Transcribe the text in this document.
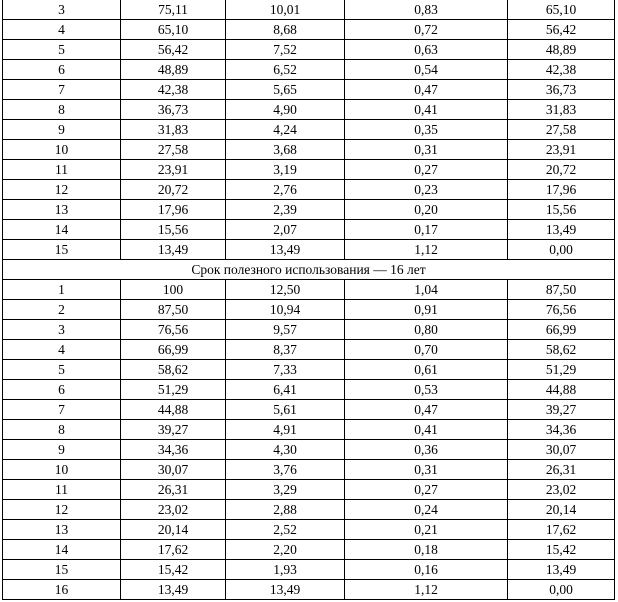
3	75,11	10,01	0,83	65,10
4	65,10	8,68	0,72	56,42
5	56,42	7,52	0,63	48,89
6	48,89	6,52	0,54	42,38
7	42,38	5,65	0,47	36,73
8	36,73	4,90	0,41	31,83
9	31,83	4,24	0,35	27,58
10	27,58	3,68	0,31	23,91
11	23,91	3,19	0,27	20,72
12	20,72	2,76	0,23	17,96
13	17,96	2,39	0,20	15,56
14	15,56	2,07	0,17	13,49
15	13,49	13,49	1,12	0,00
Срок полезного использования — 16 лет				
1	100	12,50	1,04	87,50
2	87,50	10,94	0,91	76,56
3	76,56	9,57	0,80	66,99
4	66,99	8,37	0,70	58,62
5	58,62	7,33	0,61	51,29
6	51,29	6,41	0,53	44,88
7	44,88	5,61	0,47	39,27
8	39,27	4,91	0,41	34,36
9	34,36	4,30	0,36	30,07
10	30,07	3,76	0,31	26,31
11	26,31	3,29	0,27	23,02
12	23,02	2,88	0,24	20,14
13	20,14	2,52	0,21	17,62
14	17,62	2,20	0,18	15,42
15	15,42	1,93	0,16	13,49
16	13,49	13,49	1,12	0,00
